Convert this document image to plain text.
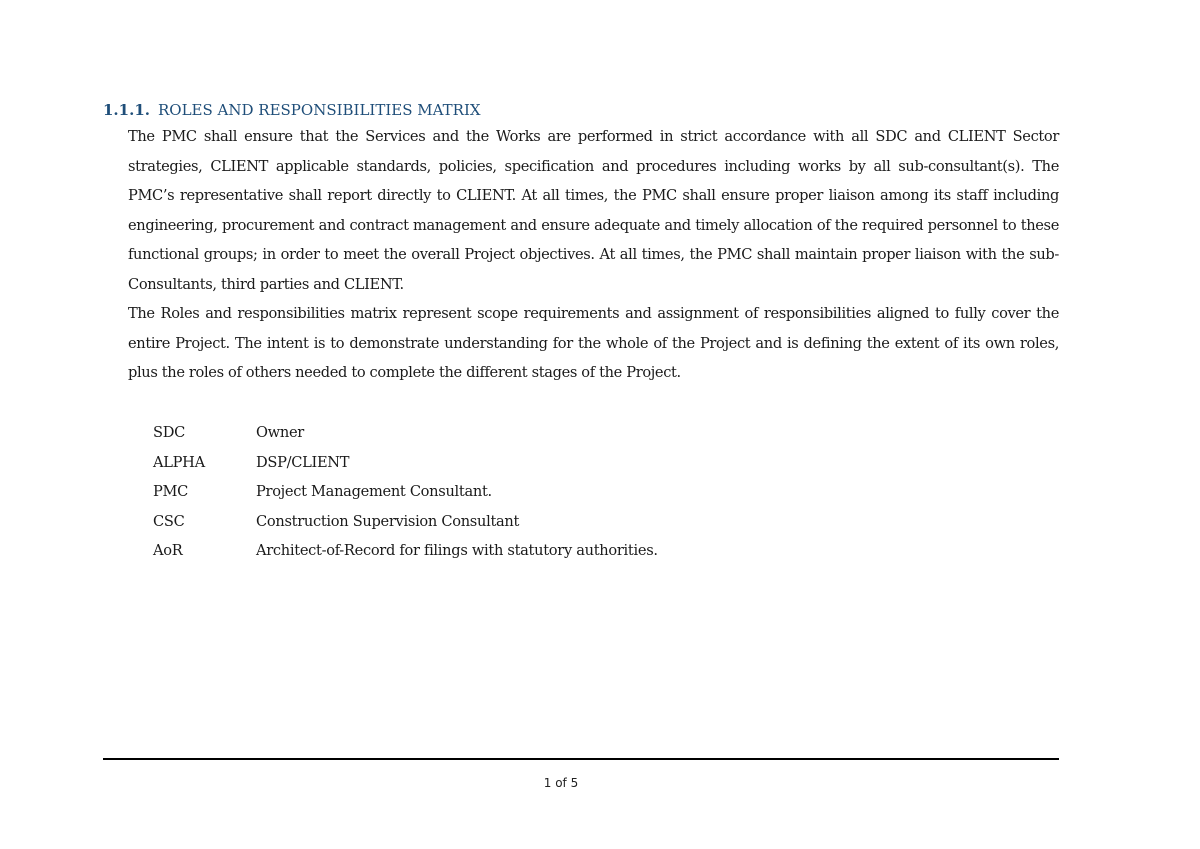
1.1.1. ROLES AND RESPONSIBILITIES MATRIX

The PMC shall ensure that the Services and the Works are performed in strict accordance with all SDC and CLIENT Sector strategies, CLIENT applicable standards, policies, specification and procedures including works by all sub-consultant(s). The PMC’s representative shall report directly to CLIENT. At all times, the PMC shall ensure proper liaison among its staff including engineering, procurement and contract management and ensure adequate and timely allocation of the required personnel to these functional groups; in order to meet the overall Project objectives. At all times, the PMC shall maintain proper liaison with the sub- Consultants, third parties and CLIENT.

The Roles and responsibilities matrix represent scope requirements and assignment of responsibilities aligned to fully cover the entire Project. The intent is to demonstrate understanding for the whole of the Project and is defining the extent of its own roles, plus the roles of others needed to complete the different stages of the Project.

SDC	Owner
ALPHA	DSP/CLIENT
PMC	Project Management Consultant.
CSC	Construction Supervision Consultant
AoR	Architect-of-Record for filings with statutory authorities.
1 of 5
